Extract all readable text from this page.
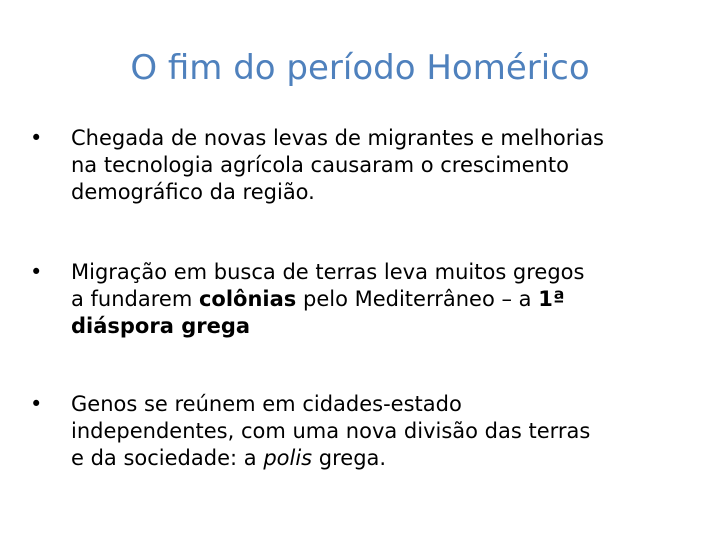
O fim do período Homérico
•	Chegada de novas levas de migrantes e melhorias
na tecnologia agrícola causaram o crescimento
demográfico da região.
•	Migração em busca de terras leva muitos gregos
a fundarem colônias pelo Mediterrâneo – a 1ª
diáspora grega
•	Genos se reúnem em cidades-estado
independentes, com uma nova divisão das terras
e da sociedade: a polis grega.
